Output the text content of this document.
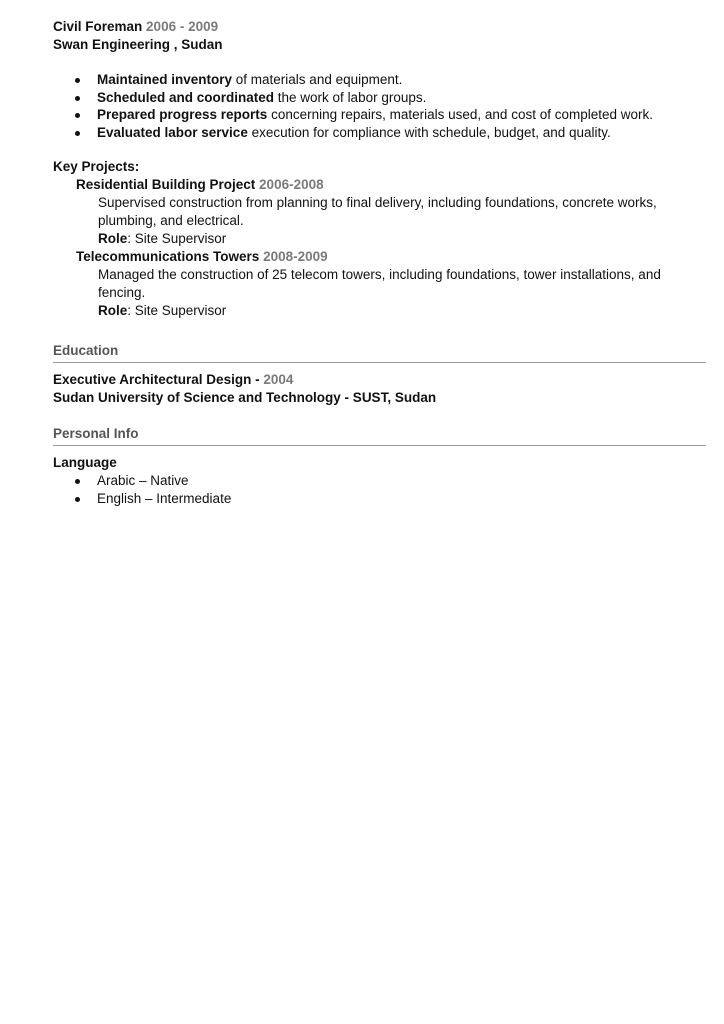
Civil Foreman 2006 - 2009
Swan Engineering , Sudan
Maintained inventory of materials and equipment.
Scheduled and coordinated the work of labor groups.
Prepared progress reports concerning repairs, materials used, and cost of completed work.
Evaluated labor service execution for compliance with schedule, budget, and quality.
Key Projects:
Residential Building Project 2006-2008
Supervised construction from planning to final delivery, including foundations, concrete works, plumbing, and electrical.
Role: Site Supervisor
Telecommunications Towers 2008-2009
Managed the construction of 25 telecom towers, including foundations, tower installations, and fencing.
Role: Site Supervisor
Education
Executive Architectural Design - 2004
Sudan University of Science and Technology - SUST, Sudan
Personal Info
Language
Arabic – Native
English – Intermediate
